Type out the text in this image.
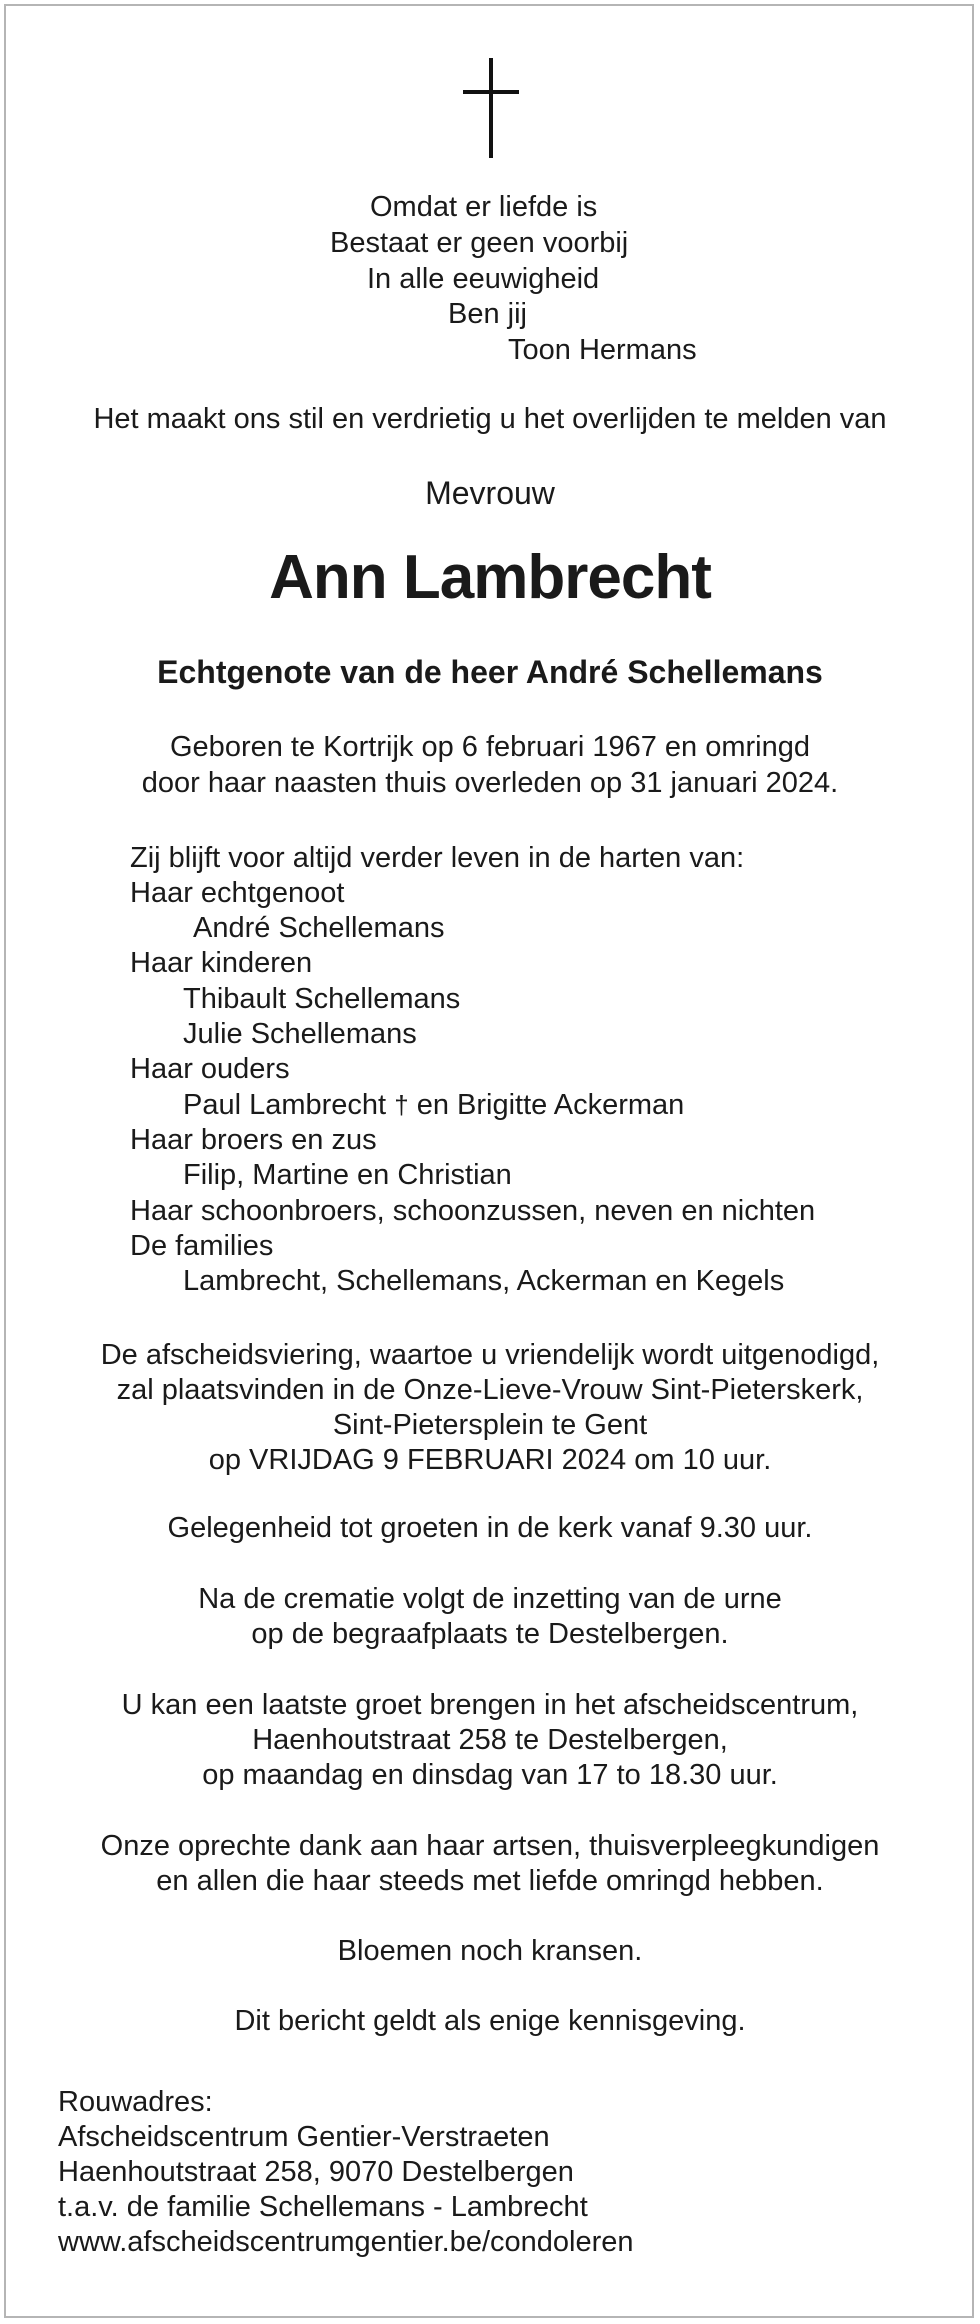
Omdat er liefde is
Bestaat er geen voorbij
In alle eeuwigheid
Ben jij
Toon Hermans
Het maakt ons stil en verdrietig u het overlijden te melden van
Mevrouw
Ann Lambrecht
Echtgenote van de heer André Schellemans
Geboren te Kortrijk op 6 februari 1967 en omringd
door haar naasten thuis overleden op 31 januari 2024.
Zij blijft voor altijd verder leven in de harten van:
Haar echtgenoot
André Schellemans
Haar kinderen
Thibault Schellemans
Julie Schellemans
Haar ouders
Paul Lambrecht † en Brigitte Ackerman
Haar broers en zus
Filip, Martine en Christian
Haar schoonbroers, schoonzussen, neven en nichten
De families
Lambrecht, Schellemans, Ackerman en Kegels
De afscheidsviering, waartoe u vriendelijk wordt uitgenodigd,
zal plaatsvinden in de Onze-Lieve-Vrouw Sint-Pieterskerk,
Sint-Pietersplein te Gent
op VRIJDAG 9 FEBRUARI 2024 om 10 uur.
Gelegenheid tot groeten in de kerk vanaf 9.30 uur.
Na de crematie volgt de inzetting van de urne
op de begraafplaats te Destelbergen.
U kan een laatste groet brengen in het afscheidscentrum,
Haenhoutstraat 258 te Destelbergen,
op maandag en dinsdag van 17 to 18.30 uur.
Onze oprechte dank aan haar artsen, thuisverpleegkundigen
en allen die haar steeds met liefde omringd hebben.
Bloemen noch kransen.
Dit bericht geldt als enige kennisgeving.
Rouwadres:
Afscheidscentrum Gentier-Verstraeten
Haenhoutstraat 258, 9070 Destelbergen
t.a.v. de familie Schellemans - Lambrecht
www.afscheidscentrumgentier.be/condoleren
